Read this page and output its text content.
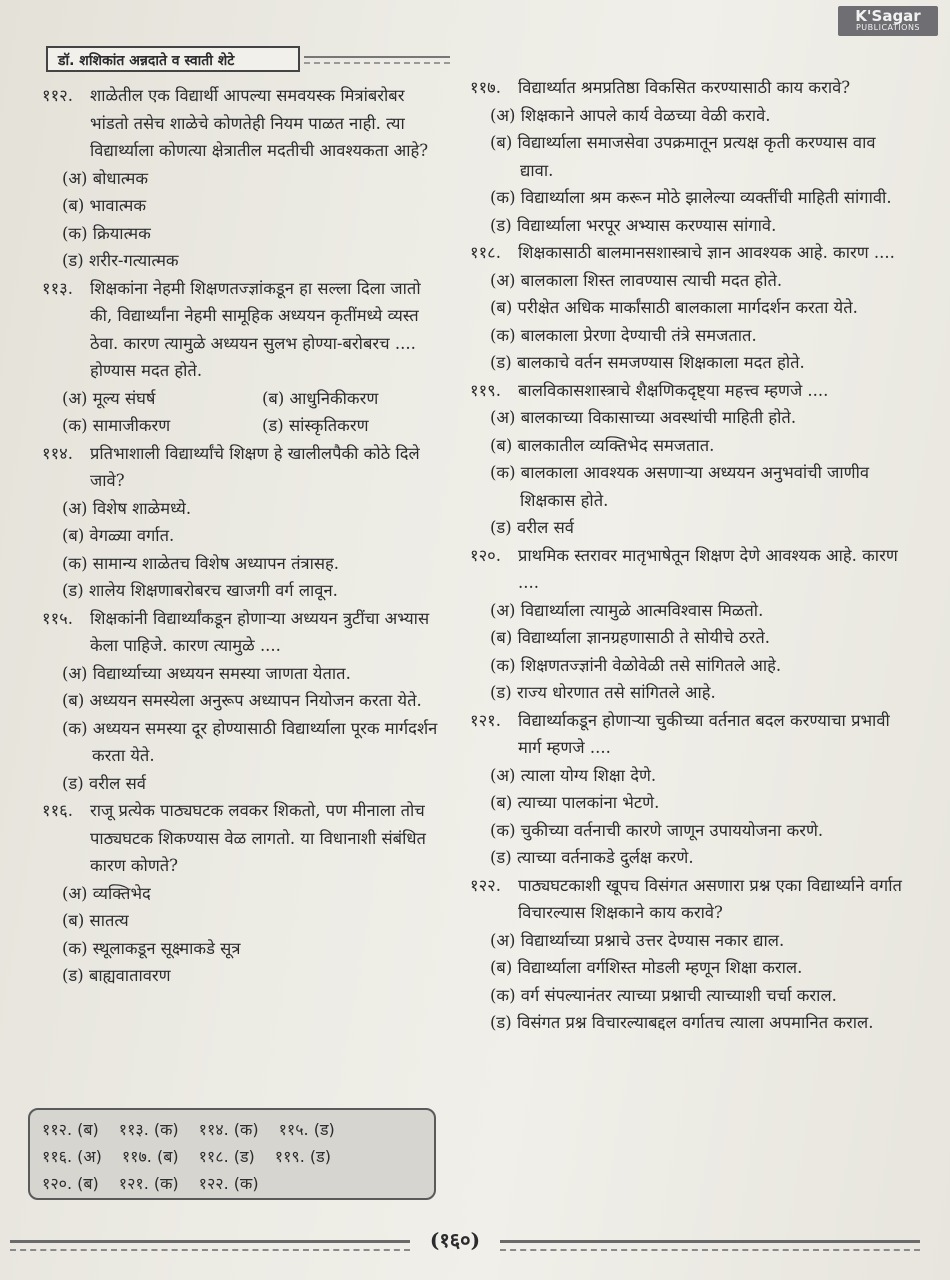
K'Sagar
PUBLICATIONS
डॉ. शशिकांत अन्नदाते व स्वाती शेटे
११२. शाळेतील एक विद्यार्थी आपल्या समवयस्क मित्रांबरोबर भांडतो तसेच शाळेचे कोणतेही नियम पाळत नाही. त्या विद्यार्थ्याला कोणत्या क्षेत्रातील मदतीची आवश्यकता आहे?
(अ) बोधात्मक
(ब) भावात्मक
(क) क्रियात्मक
(ड) शरीर-गत्यात्मक
११३. शिक्षकांना नेहमी शिक्षणतज्ज्ञांकडून हा सल्ला दिला जातो की, विद्यार्थ्यांना नेहमी सामूहिक अध्ययन कृतींमध्ये व्यस्त ठेवा. कारण त्यामुळे अध्ययन सुलभ होण्या-बरोबरच .... होण्यास मदत होते.
(अ) मूल्य संघर्ष	(ब) आधुनिकीकरण
(क) सामाजीकरण	(ड) सांस्कृतिकरण
११४. प्रतिभाशाली विद्यार्थ्यांचे शिक्षण हे खालीलपैकी कोठे दिले जावे?
(अ) विशेष शाळेमध्ये.
(ब) वेगळ्या वर्गात.
(क) सामान्य शाळेतच विशेष अध्यापन तंत्रासह.
(ड) शालेय शिक्षणाबरोबरच खाजगी वर्ग लावून.
११५. शिक्षकांनी विद्यार्थ्यांकडून होणाऱ्या अध्ययन त्रुटींचा अभ्यास केला पाहिजे. कारण त्यामुळे ....
(अ) विद्यार्थ्याच्या अध्ययन समस्या जाणता येतात.
(ब) अध्ययन समस्येला अनुरूप अध्यापन नियोजन करता येते.
(क) अध्ययन समस्या दूर होण्यासाठी विद्यार्थ्याला पूरक मार्गदर्शन करता येते.
(ड) वरील सर्व
११६. राजू प्रत्येक पाठ्यघटक लवकर शिकतो, पण मीनाला तोच पाठ्यघटक शिकण्यास वेळ लागतो. या विधानाशी संबंधित कारण कोणते?
(अ) व्यक्तिभेद
(ब) सातत्य
(क) स्थूलाकडून सूक्ष्माकडे सूत्र
(ड) बाह्यवातावरण
११७. विद्यार्थ्यात श्रमप्रतिष्ठा विकसित करण्यासाठी काय करावे?
(अ) शिक्षकाने आपले कार्य वेळच्या वेळी करावे.
(ब) विद्यार्थ्याला समाजसेवा उपक्रमातून प्रत्यक्ष कृती करण्यास वाव द्यावा.
(क) विद्यार्थ्याला श्रम करून मोठे झालेल्या व्यक्तींची माहिती सांगावी.
(ड) विद्यार्थ्याला भरपूर अभ्यास करण्यास सांगावे.
११८. शिक्षकासाठी बालमानसशास्त्राचे ज्ञान आवश्यक आहे. कारण ....
(अ) बालकाला शिस्त लावण्यास त्याची मदत होते.
(ब) परीक्षेत अधिक मार्कांसाठी बालकाला मार्गदर्शन करता येते.
(क) बालकाला प्रेरणा देण्याची तंत्रे समजतात.
(ड) बालकाचे वर्तन समजण्यास शिक्षकाला मदत होते.
११९. बालविकासशास्त्राचे शैक्षणिकदृष्ट्या महत्त्व म्हणजे ....
(अ) बालकाच्या विकासाच्या अवस्थांची माहिती होते.
(ब) बालकातील व्यक्तिभेद समजतात.
(क) बालकाला आवश्यक असणाऱ्या अध्ययन अनुभवांची जाणीव शिक्षकास होते.
(ड) वरील सर्व
१२०. प्राथमिक स्तरावर मातृभाषेतून शिक्षण देणे आवश्यक आहे. कारण ....
(अ) विद्यार्थ्याला त्यामुळे आत्मविश्वास मिळतो.
(ब) विद्यार्थ्याला ज्ञानग्रहणासाठी ते सोयीचे ठरते.
(क) शिक्षणतज्ज्ञांनी वेळोवेळी तसे सांगितले आहे.
(ड) राज्य धोरणात तसे सांगितले आहे.
१२१. विद्यार्थ्याकडून होणाऱ्या चुकीच्या वर्तनात बदल करण्याचा प्रभावी मार्ग म्हणजे ....
(अ) त्याला योग्य शिक्षा देणे.
(ब) त्याच्या पालकांना भेटणे.
(क) चुकीच्या वर्तनाची कारणे जाणून उपाययोजना करणे.
(ड) त्याच्या वर्तनाकडे दुर्लक्ष करणे.
१२२. पाठ्यघटकाशी खूपच विसंगत असणारा प्रश्न एका विद्यार्थ्याने वर्गात विचारल्यास शिक्षकाने काय करावे?
(अ) विद्यार्थ्याच्या प्रश्नाचे उत्तर देण्यास नकार द्याल.
(ब) विद्यार्थ्याला वर्गशिस्त मोडली म्हणून शिक्षा कराल.
(क) वर्ग संपल्यानंतर त्याच्या प्रश्नाची त्याच्याशी चर्चा कराल.
(ड) विसंगत प्रश्न विचारल्याबद्दल वर्गातच त्याला अपमानित कराल.
११२. (ब) ११३. (क) ११४. (क) ११५. (ड)
११६. (अ) ११७. (ब) ११८. (ड) ११९. (ड)
१२०. (ब) १२१. (क) १२२. (क)
(१६०)
